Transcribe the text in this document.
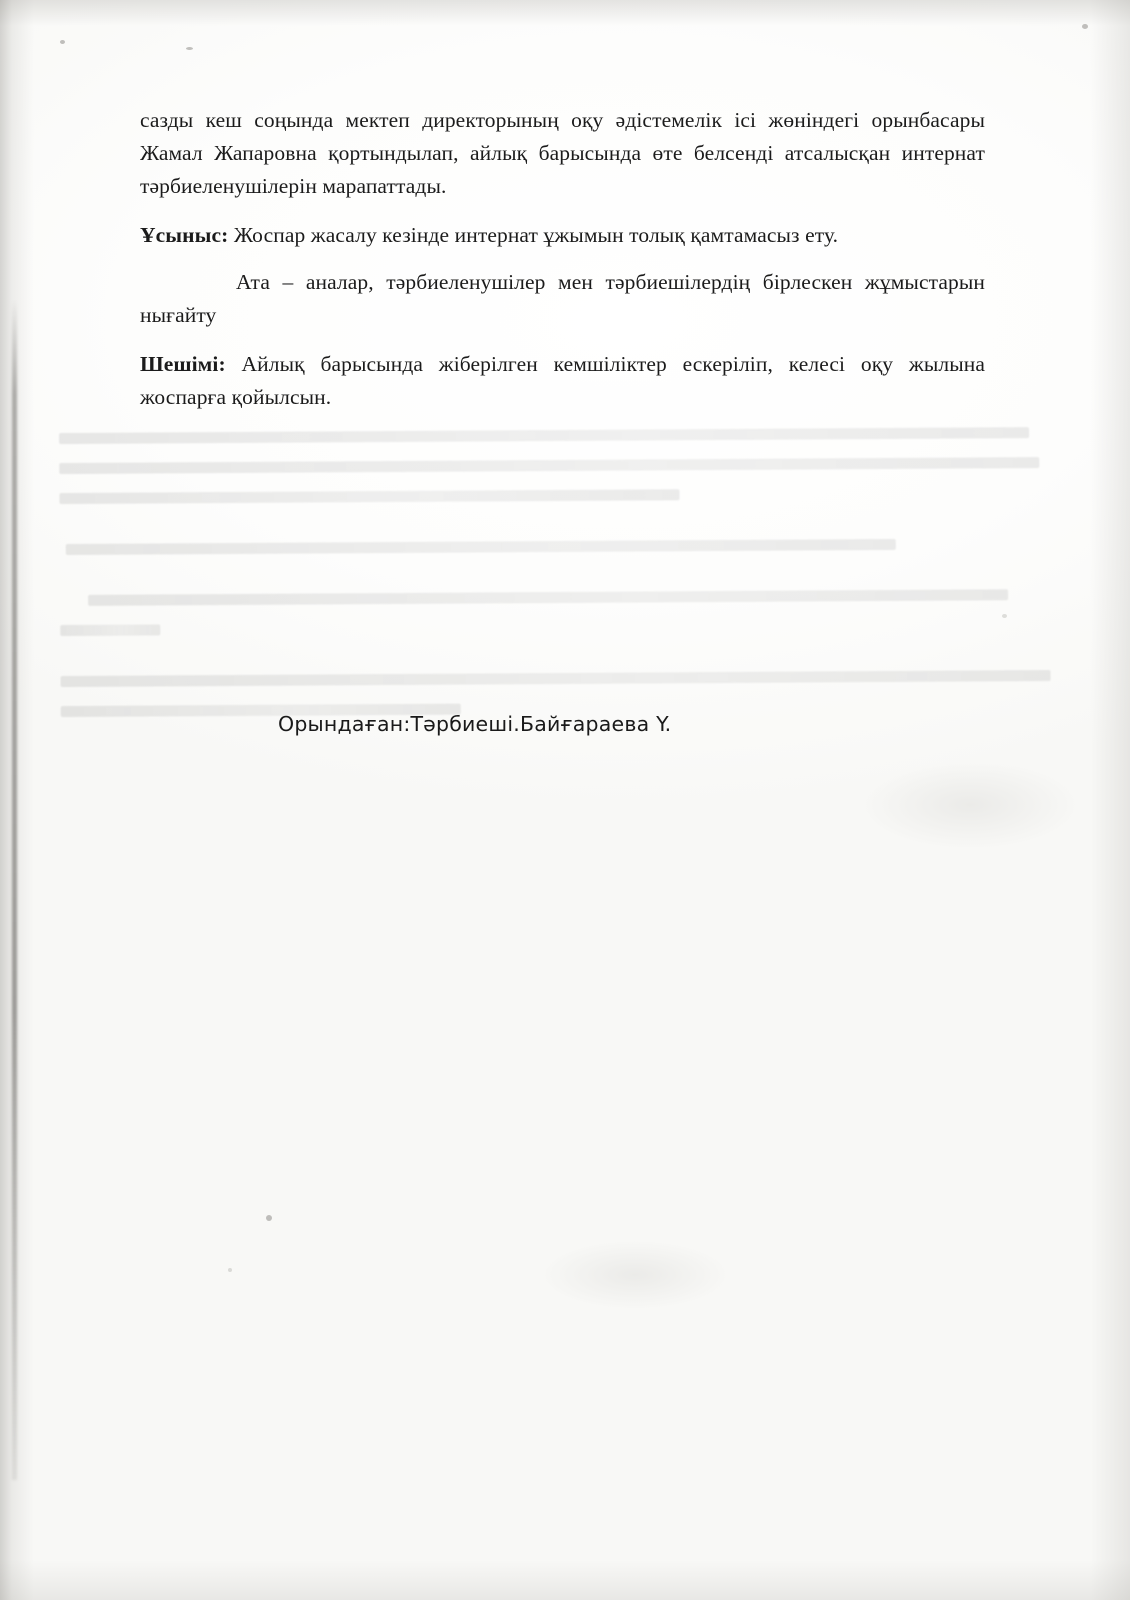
сазды кеш соңында мектеп директорының оқу әдістемелік ісі жөніндегі орынбасары Жамал Жапаровна қортындылап, айлық барысында өте белсенді атсалысқан интернат тәрбиеленушілерін марапаттады.

Ұсыныс: Жоспар жасалу кезінде интернат ұжымын толық қамтамасыз ету.

Ата – аналар, тәрбиеленушілер мен тәрбиешілердің бірлескен жұмыстарын нығайту

Шешімі: Айлық барысында жіберілген кемшіліктер ескеріліп, келесі оқу жылына жоспарға қойылсын.

Орындаған:Тәрбиеші.Байғараева Y.
